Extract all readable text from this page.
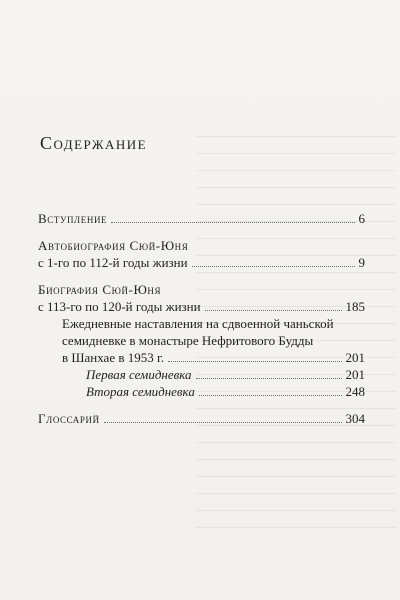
Содержание
Вступление	6
Автобиография Сюй-Юня
с 1-го по 112-й годы жизни	9
Биография Сюй-Юня
с 113-го по 120-й годы жизни	185
Ежедневные наставления на сдвоенной чаньской
семидневке в монастыре Нефритового Будды
в Шанхае в 1953 г.	201
Первая семидневка	201
Вторая семидневка	248
Глоссарий	304
